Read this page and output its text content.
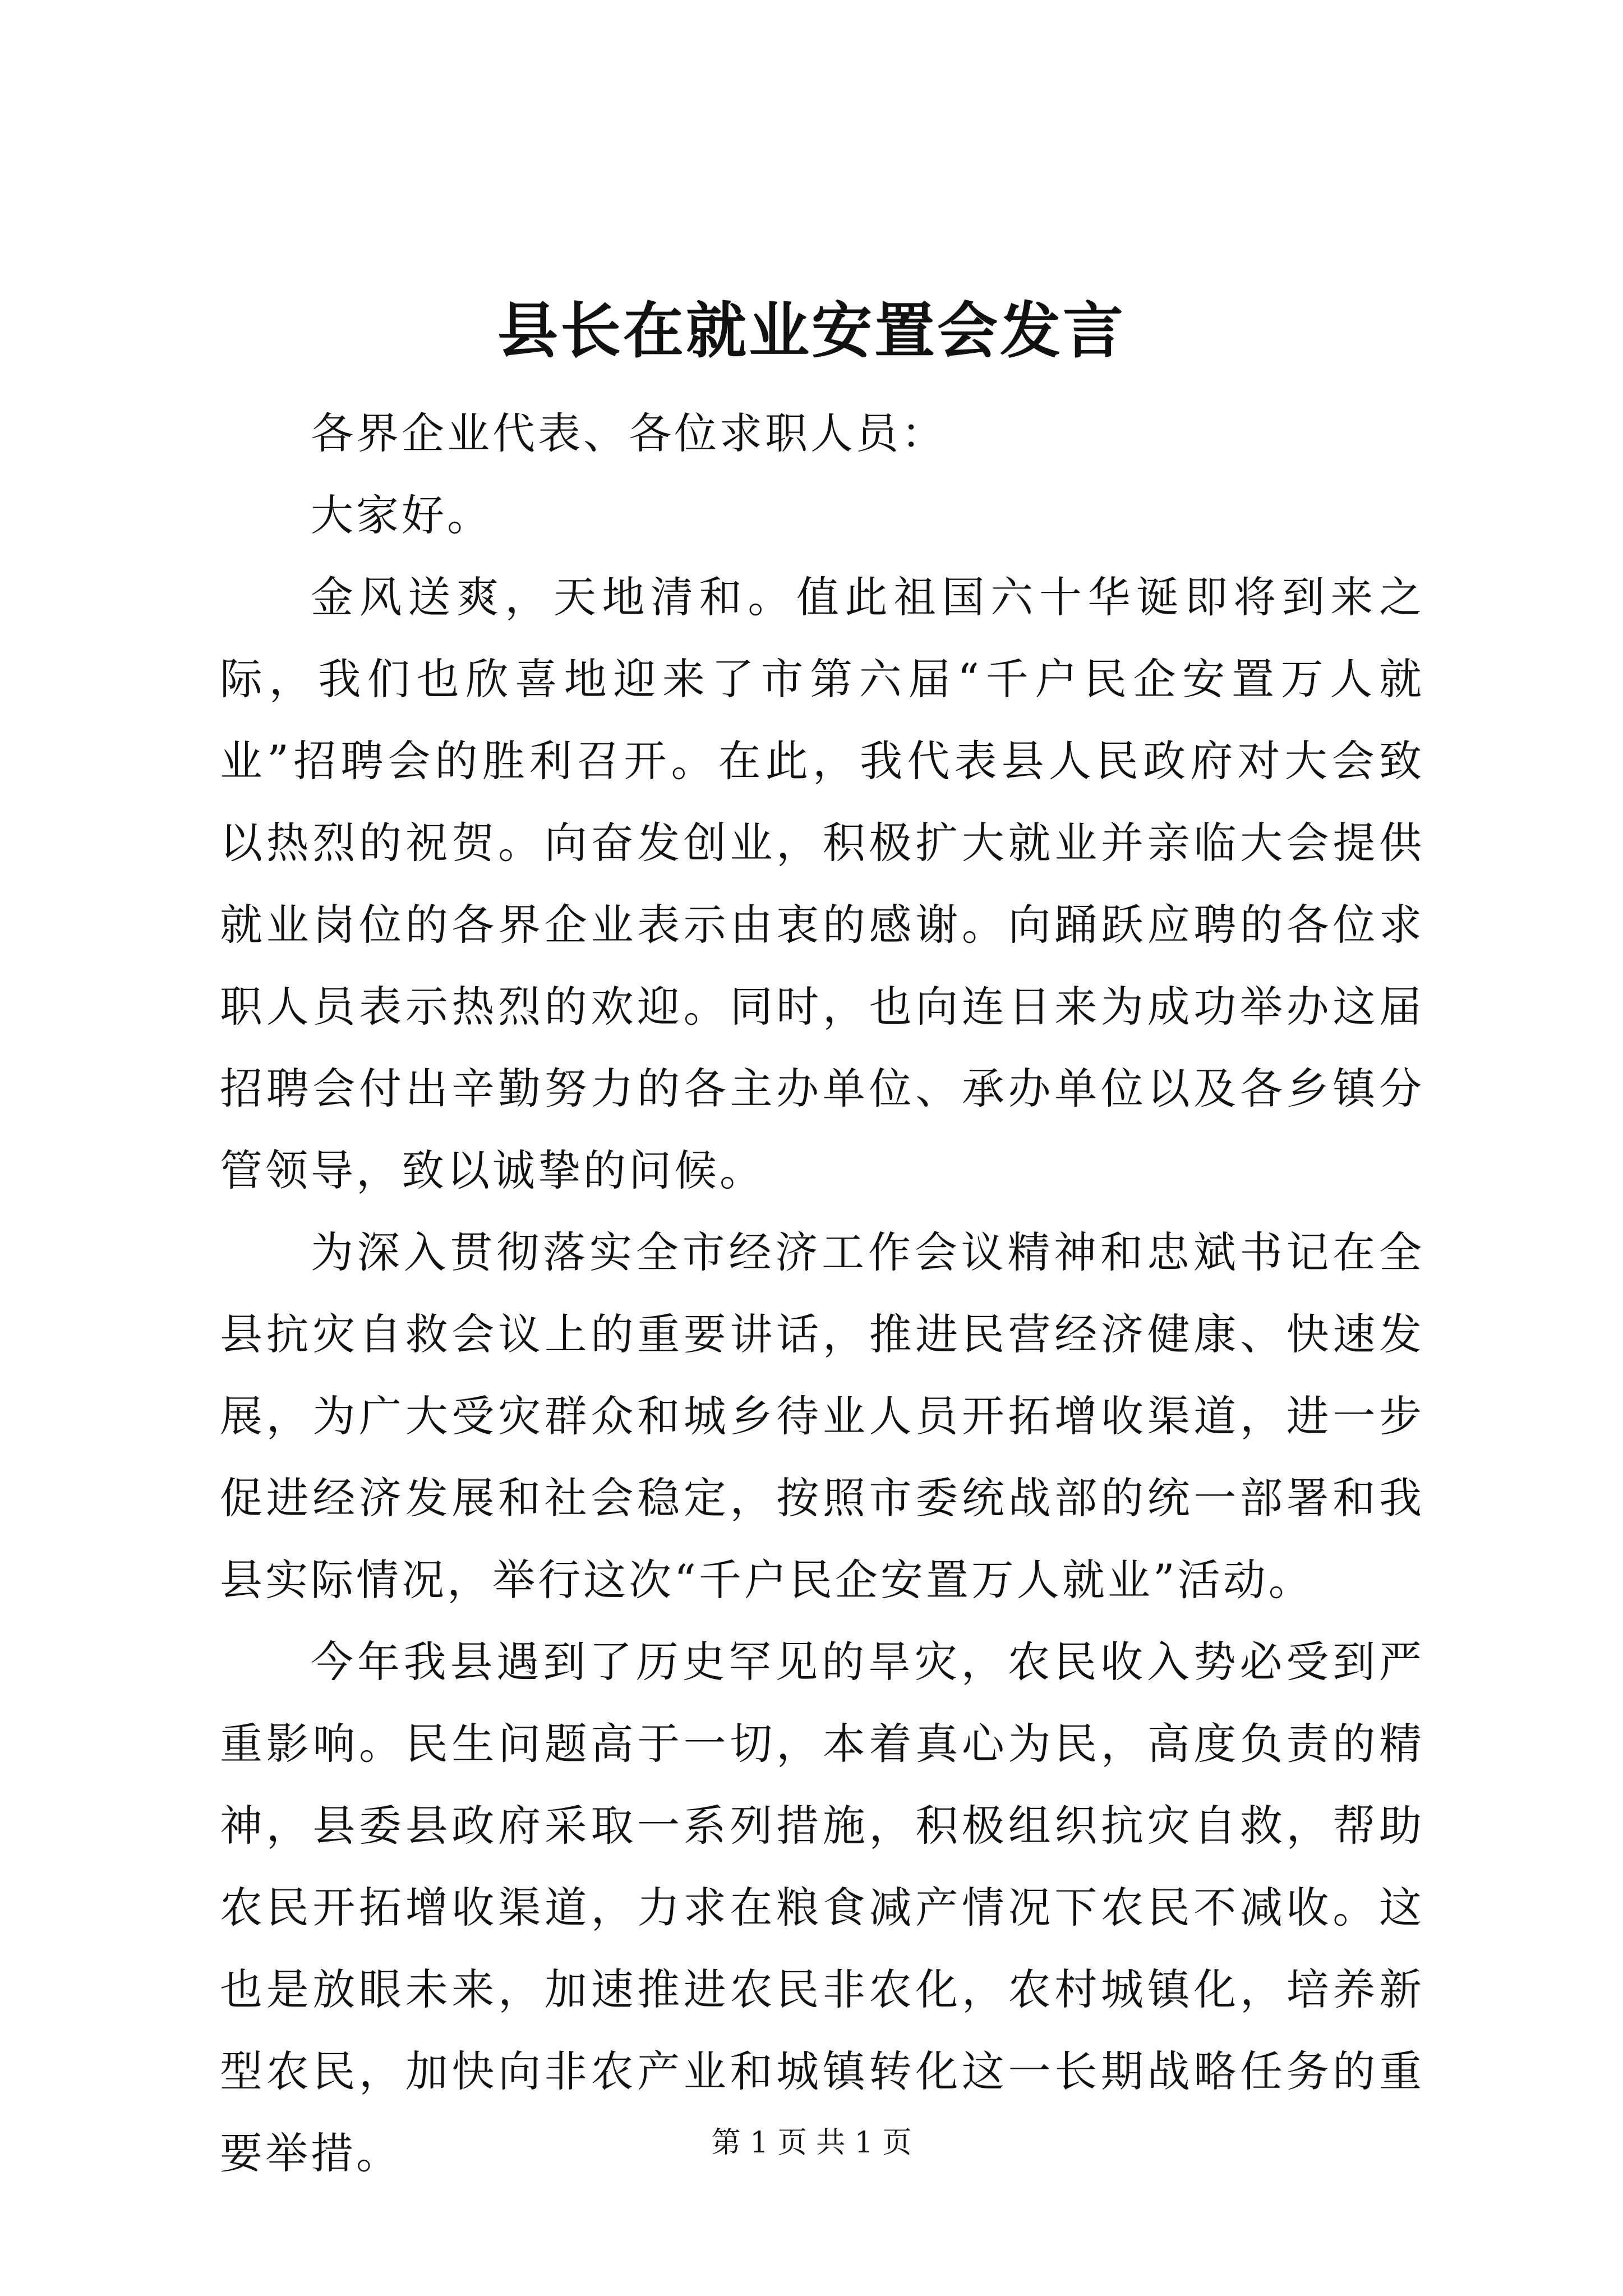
县长在就业安置会发言

各界企业代表、各位求职人员：

大家好。

金风送爽，天地清和。值此祖国六十华诞即将到来之际，我们也欣喜地迎来了市第六届“千户民企安置万人就业”招聘会的胜利召开。在此，我代表县人民政府对大会致以热烈的祝贺。向奋发创业，积极扩大就业并亲临大会提供就业岗位的各界企业表示由衷的感谢。向踊跃应聘的各位求职人员表示热烈的欢迎。同时，也向连日来为成功举办这届招聘会付出辛勤努力的各主办单位、承办单位以及各乡镇分管领导，致以诚挚的问候。

为深入贯彻落实全市经济工作会议精神和忠斌书记在全县抗灾自救会议上的重要讲话，推进民营经济健康、快速发展，为广大受灾群众和城乡待业人员开拓增收渠道，进一步促进经济发展和社会稳定，按照市委统战部的统一部署和我县实际情况，举行这次“千户民企安置万人就业”活动。

今年我县遇到了历史罕见的旱灾，农民收入势必受到严重影响。民生问题高于一切，本着真心为民，高度负责的精神，县委县政府采取一系列措施，积极组织抗灾自救，帮助农民开拓增收渠道，力求在粮食减产情况下农民不减收。这也是放眼未来，加速推进农民非农化，农村城镇化，培养新型农民，加快向非农产业和城镇转化这一长期战略任务的重要举措。	第 1 页 共 1 页
